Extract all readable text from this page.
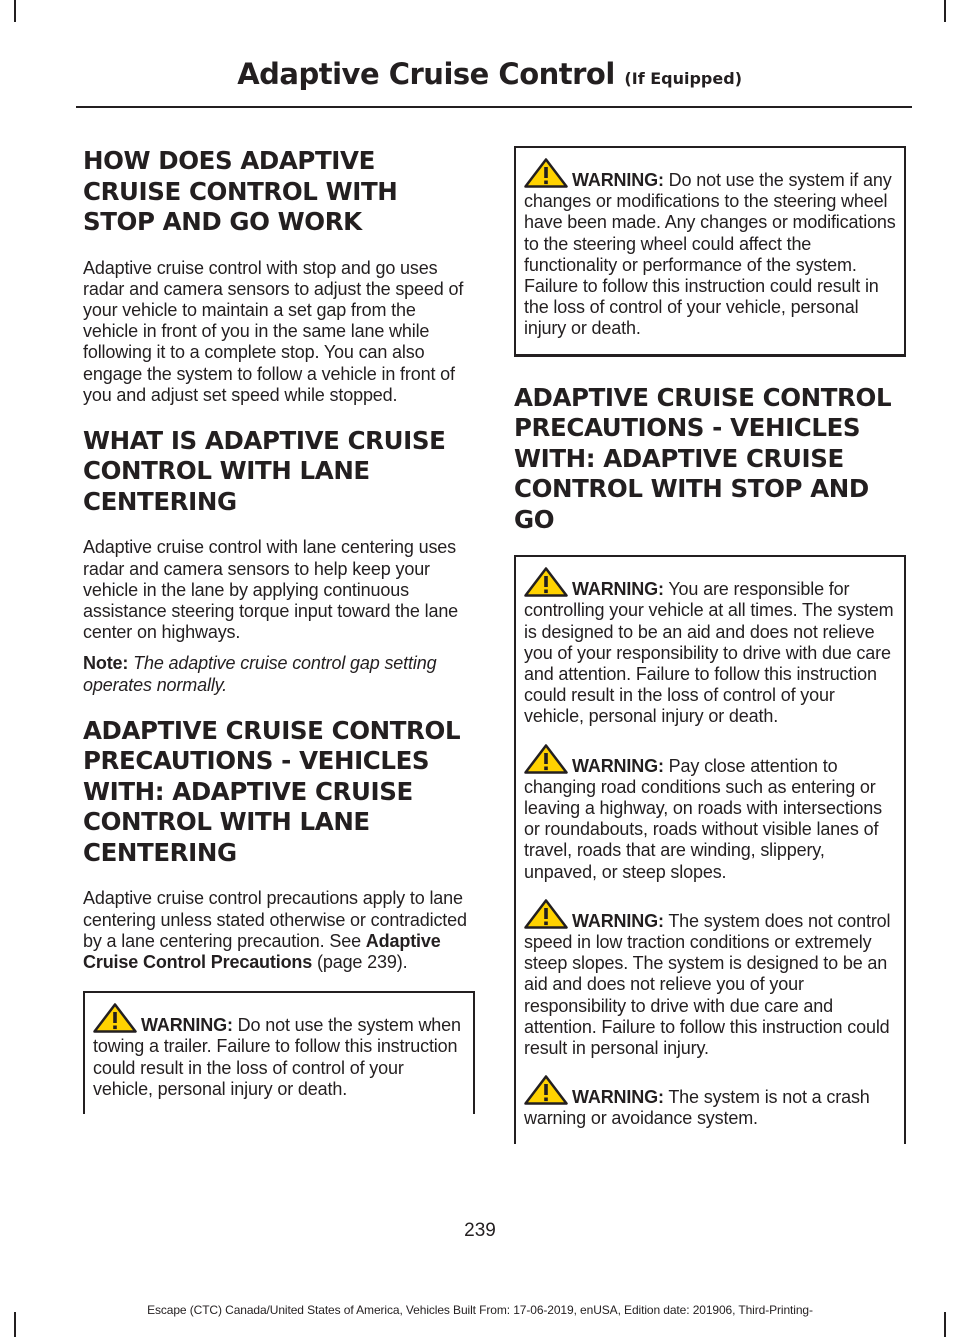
Adaptive Cruise Control (If Equipped)
HOW DOES ADAPTIVE CRUISE CONTROL WITH STOP AND GO WORK

Adaptive cruise control with stop and go uses radar and camera sensors to adjust the speed of your vehicle to maintain a set gap from the vehicle in front of you in the same lane while following it to a complete stop. You can also engage the system to follow a vehicle in front of you and adjust set speed while stopped.

WHAT IS ADAPTIVE CRUISE CONTROL WITH LANE CENTERING

Adaptive cruise control with lane centering uses radar and camera sensors to help keep your vehicle in the lane by applying continuous assistance steering torque input toward the lane center on highways.

Note: The adaptive cruise control gap setting operates normally.

ADAPTIVE CRUISE CONTROL PRECAUTIONS - VEHICLES WITH: ADAPTIVE CRUISE CONTROL WITH LANE CENTERING

Adaptive cruise control precautions apply to lane centering unless stated otherwise or contradicted by a lane centering precaution. See Adaptive Cruise Control Precautions (page 239).

WARNING: Do not use the system when towing a trailer. Failure to follow this instruction could result in the loss of control of your vehicle, personal injury or death.

WARNING: Do not use the system if any changes or modifications to the steering wheel have been made. Any changes or modifications to the steering wheel could affect the functionality or performance of the system. Failure to follow this instruction could result in the loss of control of your vehicle, personal injury or death.

ADAPTIVE CRUISE CONTROL PRECAUTIONS - VEHICLES WITH: ADAPTIVE CRUISE CONTROL WITH STOP AND GO

WARNING: You are responsible for controlling your vehicle at all times. The system is designed to be an aid and does not relieve you of your responsibility to drive with due care and attention. Failure to follow this instruction could result in the loss of control of your vehicle, personal injury or death.

WARNING: Pay close attention to changing road conditions such as entering or leaving a highway, on roads with intersections or roundabouts, roads without visible lanes of travel, roads that are winding, slippery, unpaved, or steep slopes.

WARNING: The system does not control speed in low traction conditions or extremely steep slopes. The system is designed to be an aid and does not relieve you of your responsibility to drive with due care and attention. Failure to follow this instruction could result in personal injury.

WARNING: The system is not a crash warning or avoidance system.

239

Escape (CTC) Canada/United States of America, Vehicles Built From: 17-06-2019, enUSA, Edition date: 201906, Third-Printing-
